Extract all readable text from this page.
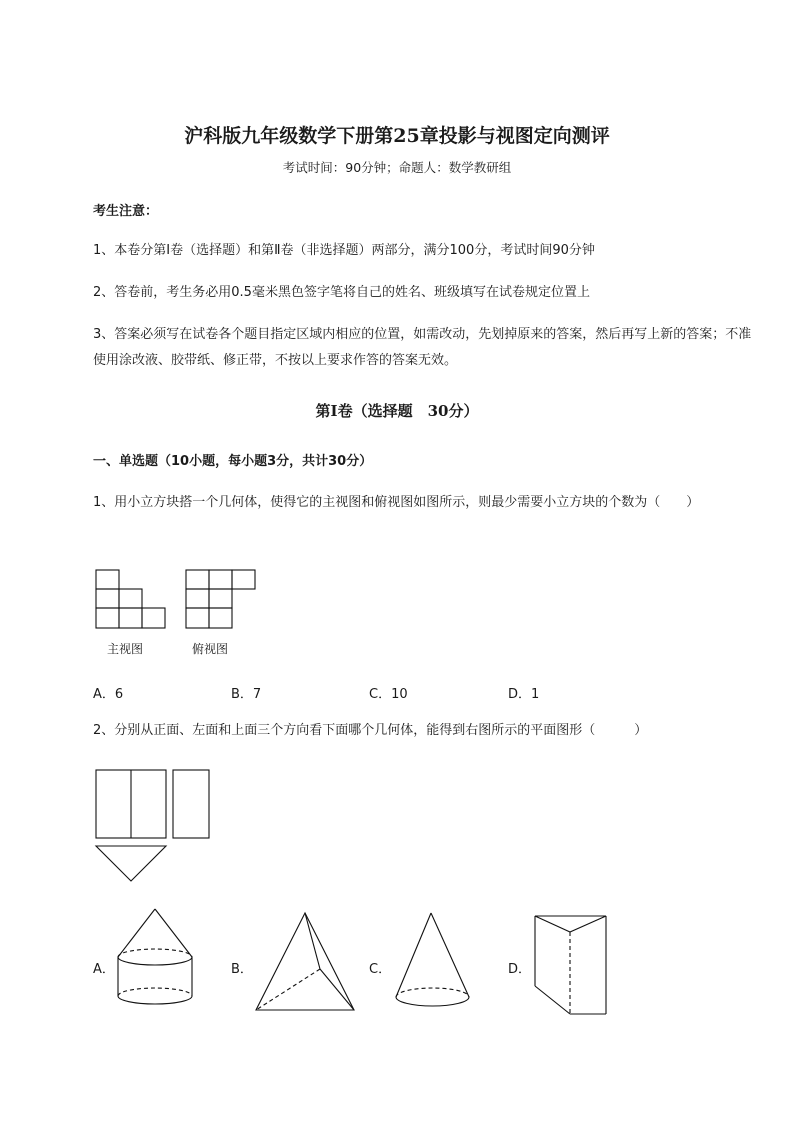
沪科版九年级数学下册第25章投影与视图定向测评
考试时间：90分钟；命题人：数学教研组
考生注意：
1、本卷分第I卷（选择题）和第Ⅱ卷（非选择题）两部分，满分100分，考试时间90分钟
2、答卷前，考生务必用0.5毫米黑色签字笔将自己的姓名、班级填写在试卷规定位置上
3、答案必须写在试卷各个题目指定区域内相应的位置，如需改动，先划掉原来的答案，然后再写上新的答案；不准使用涂改液、胶带纸、修正带，不按以上要求作答的答案无效。
第I卷（选择题　30分）
一、单选题（10小题，每小题3分，共计30分）
1、用小立方块搭一个几何体，使得它的主视图和俯视图如图所示，则最少需要小立方块的个数为（　　）
主视图	俯视图
A．6	B．7	C．10	D．1
2、分别从正面、左面和上面三个方向看下面哪个几何体，能得到右图所示的平面图形（　　　）
A．	B．	C．	D．
